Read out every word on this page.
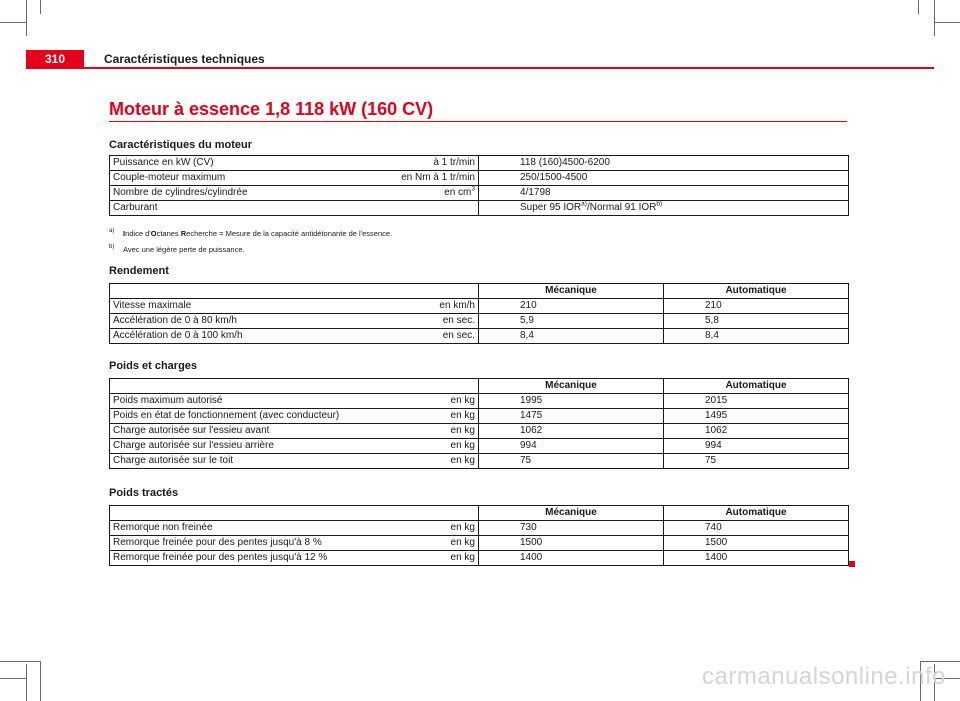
310	Caractéristiques techniques
Moteur à essence 1,8 118 kW (160 CV)
Caractéristiques du moteur
Puissance en kW (CV)	à 1 tr/min	118 (160)4500-6200
Couple-moteur maximum	en Nm à 1 tr/min	250/1500-4500
Nombre de cylindres/cylindrée	en $cm^3$	4/1798
Carburant		Super 95 IOR$^{a)}$/Normal 91 IOR$^{b)}$
a)	Indice d'Octanes Recherche = Mesure de la capacité antidétonante de l'essence.
b)	Avec une légère perte de puissance.
Rendement
		Mécanique	Automatique
Vitesse maximale	en km/h	210	210
Accélération de 0 à 80 km/h	en sec.	5,9	5,8
Accélération de 0 à 100 km/h	en sec.	8,4	8,4
Poids et charges
		Mécanique	Automatique
Poids maximum autorisé	en kg	1995	2015
Poids en état de fonctionnement (avec conducteur)	en kg	1475	1495
Charge autorisée sur l'essieu avant	en kg	1062	1062
Charge autorisée sur l'essieu arrière	en kg	994	994
Charge autorisée sur le toit	en kg	75	75
Poids tractés
		Mécanique	Automatique
Remorque non freinée	en kg	730	740
Remorque freinée pour des pentes jusqu'à 8 %	en kg	1500	1500
Remorque freinée pour des pentes jusqu'à 12 %	en kg	1400	1400
carmanualsonline.info
